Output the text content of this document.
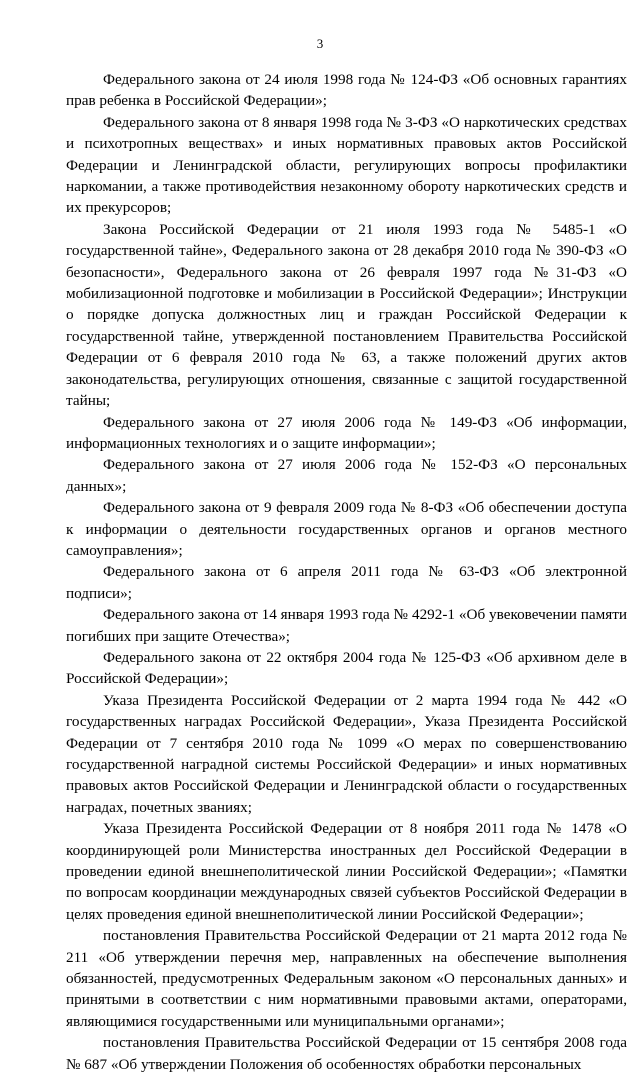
3

Федерального закона от 24 июля 1998 года № 124-ФЗ «Об основных гарантиях прав ребенка в Российской Федерации»;

Федерального закона от 8 января 1998 года № 3-ФЗ «О наркотических средствах и психотропных веществах» и иных нормативных правовых актов Российской Федерации и Ленинградской области, регулирующих вопросы профилактики наркомании, а также противодействия незаконному обороту наркотических средств и их прекурсоров;

Закона Российской Федерации от 21 июля 1993 года № 5485-1 «О государственной тайне», Федерального закона от 28 декабря 2010 года № 390-ФЗ «О безопасности», Федерального закона от 26 февраля 1997 года №31-ФЗ «О мобилизационной подготовке и мобилизации в Российской Федерации»; Инструкции о порядке допуска должностных лиц и граждан Российской Федерации к государственной тайне, утвержденной постановлением Правительства Российской Федерации от 6 февраля 2010 года № 63, а также положений других актов законодательства, регулирующих отношения, связанные с защитой государственной тайны;

Федерального закона от 27 июля 2006 года № 149-ФЗ «Об информации, информационных технологиях и о защите информации»;

Федерального закона от 27 июля 2006 года № 152-ФЗ «О персональных данных»;

Федерального закона от 9 февраля 2009 года № 8-ФЗ «Об обеспечении доступа к информации о деятельности государственных органов и органов местного самоуправления»;

Федерального закона от 6 апреля 2011 года № 63-ФЗ «Об электронной подписи»;

Федерального закона от 14 января 1993 года № 4292-1 «Об увековечении памяти погибших при защите Отечества»;

Федерального закона от 22 октября 2004 года № 125-ФЗ «Об архивном деле в Российской Федерации»;

Указа Президента Российской Федерации от 2 марта 1994 года № 442 «О государственных наградах Российской Федерации», Указа Президента Российской Федерации от 7 сентября 2010 года № 1099 «О мерах по совершенствованию государственной наградной системы Российской Федерации» и иных нормативных правовых актов Российской Федерации и Ленинградской области о государственных наградах, почетных званиях;

Указа Президента Российской Федерации от 8 ноября 2011 года № 1478 «О координирующей роли Министерства иностранных дел Российской Федерации в проведении единой внешнеполитической линии Российской Федерации»; «Памятки по вопросам координации международных связей субъектов Российской Федерации в целях проведения единой внешнеполитической линии Российской Федерации»;

постановления Правительства Российской Федерации от 21 марта 2012 года № 211 «Об утверждении перечня мер, направленных на обеспечение выполнения обязанностей, предусмотренных Федеральным законом «О персональных данных» и принятыми в соответствии с ним нормативными правовыми актами, операторами, являющимися государственными или муниципальными органами»;

постановления Правительства Российской Федерации от 15 сентября 2008 года № 687 «Об утверждении Положения об особенностях обработки персональных
